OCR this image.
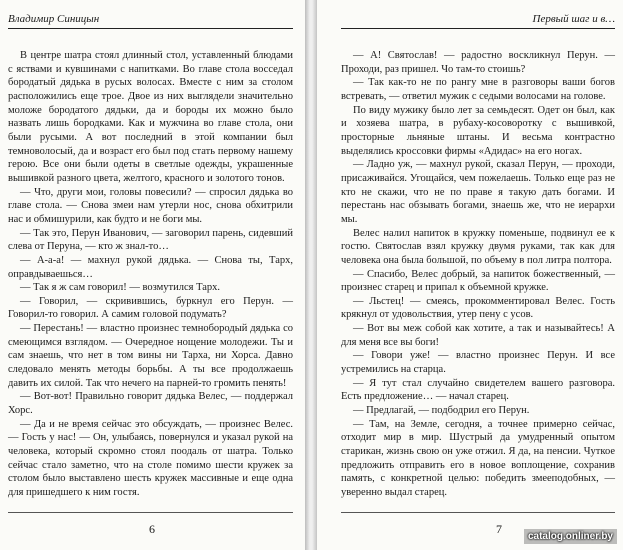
Владимир Синицын

В центре шатра стоял длинный стол, уставленный блюдами с яствами и кувшинами с напитками. Во главе стола восседал бородатый дядька в русых волосах. Вместе с ним за столом расположились еще трое. Двое из них выглядели значительно моложе бородатого дядьки, да и бороды их можно было назвать лишь бородками. Как и мужчина во главе стола, они были русыми. А вот последний в этой компании был темноволосый, да и возраст его был под стать первому нашему герою. Все они были одеты в светлые одежды, украшенные вышивкой разного цвета, желтого, красного и золотого тонов.

— Что, други мои, головы повесили? — спросил дядька во главе стола. — Снова змеи нам утерли нос, снова обхитрили нас и обмишурили, как будто и не боги мы.

— Так это, Перун Иванович, — заговорил парень, сидевший слева от Перуна, — кто ж знал-то…

— А-а-а! — махнул рукой дядька. — Снова ты, Тарх, оправдываешься…

— Так я ж сам говорил! — возмутился Тарх.

— Говорил, — скривившись, буркнул его Перун. — Говорил-то говорил. А самим головой подумать?

— Перестань! — властно произнес темнобородый дядька со смеющимся взглядом. — Очередное нощение молодежи. Ты и сам знаешь, что нет в том вины ни Тарха, ни Хорса. Давно следовало менять методы борьбы. А ты все продолжаешь давить их силой. Так что нечего на парней-то громить пенять!

— Вот-вот! Правильно говорит дядька Велес, — поддержал Хорс.

— Да и не время сейчас это обсуждать, — произнес Велес. — Гость у нас! — Он, улыбаясь, повернулся и указал рукой на человека, который скромно стоял поодаль от шатра. Только сейчас стало заметно, что на столе помимо шести кружек за столом было выставлено шесть кружек массивные и еще одна для пришедшего к ним гостя.

6
Первый шаг и в…

— А! Святослав! — радостно воскликнул Перун. — Проходи, раз пришел. Чо там-то стоишь?

— Так как-то не по рангу мне в разговоры ваши богов встревать, — ответил мужик с седыми волосами на голове.

По виду мужику было лет за семьдесят. Одет он был, как и хозяева шатра, в рубаху-косоворотку с вышивкой, просторные льняные штаны. И весьма контрастно выделялись кроссовки фирмы «Адидас» на его ногах.

— Ладно уж, — махнул рукой, сказал Перун, — проходи, присаживайся. Угощайся, чем пожелаешь. Только еще раз не кто не скажи, что не по праве я такую дать богами. И перестань нас обзывать богами, знаешь же, что не иерархи мы.

Велес налил напиток в кружку поменьше, подвинул ее к гостю. Святослав взял кружку двумя руками, так как для человека она была большой, по объему в пол литра полтора.

— Спасибо, Велес добрый, за напиток божественный, — произнес старец и припал к объемной кружке.

— Льстец! — смеясь, прокомментировал Велес. Гость крякнул от удовольствия, утер пену с усов.

— Вот вы меж собой как хотите, а так и называйтесь! А для меня все вы боги!

— Говори уже! — властно произнес Перун. И все устремились на старца.

— Я тут стал случайно свидетелем вашего разговора. Есть предложение… — начал старец.

— Предлагай, — подбодрил его Перун.

— Там, на Земле, сегодня, а точнее примерно сейчас, отходит мир в мир. Шустрый да умудренный опытом старикан, жизнь свою он уже отжил. Я да, на пенсии. Чуткое предложить отправить его в новое воплощение, сохранив память, с конкретной целью: победить змееподобных, — уверенно выдал старец.

7
catalog.onliner.by
